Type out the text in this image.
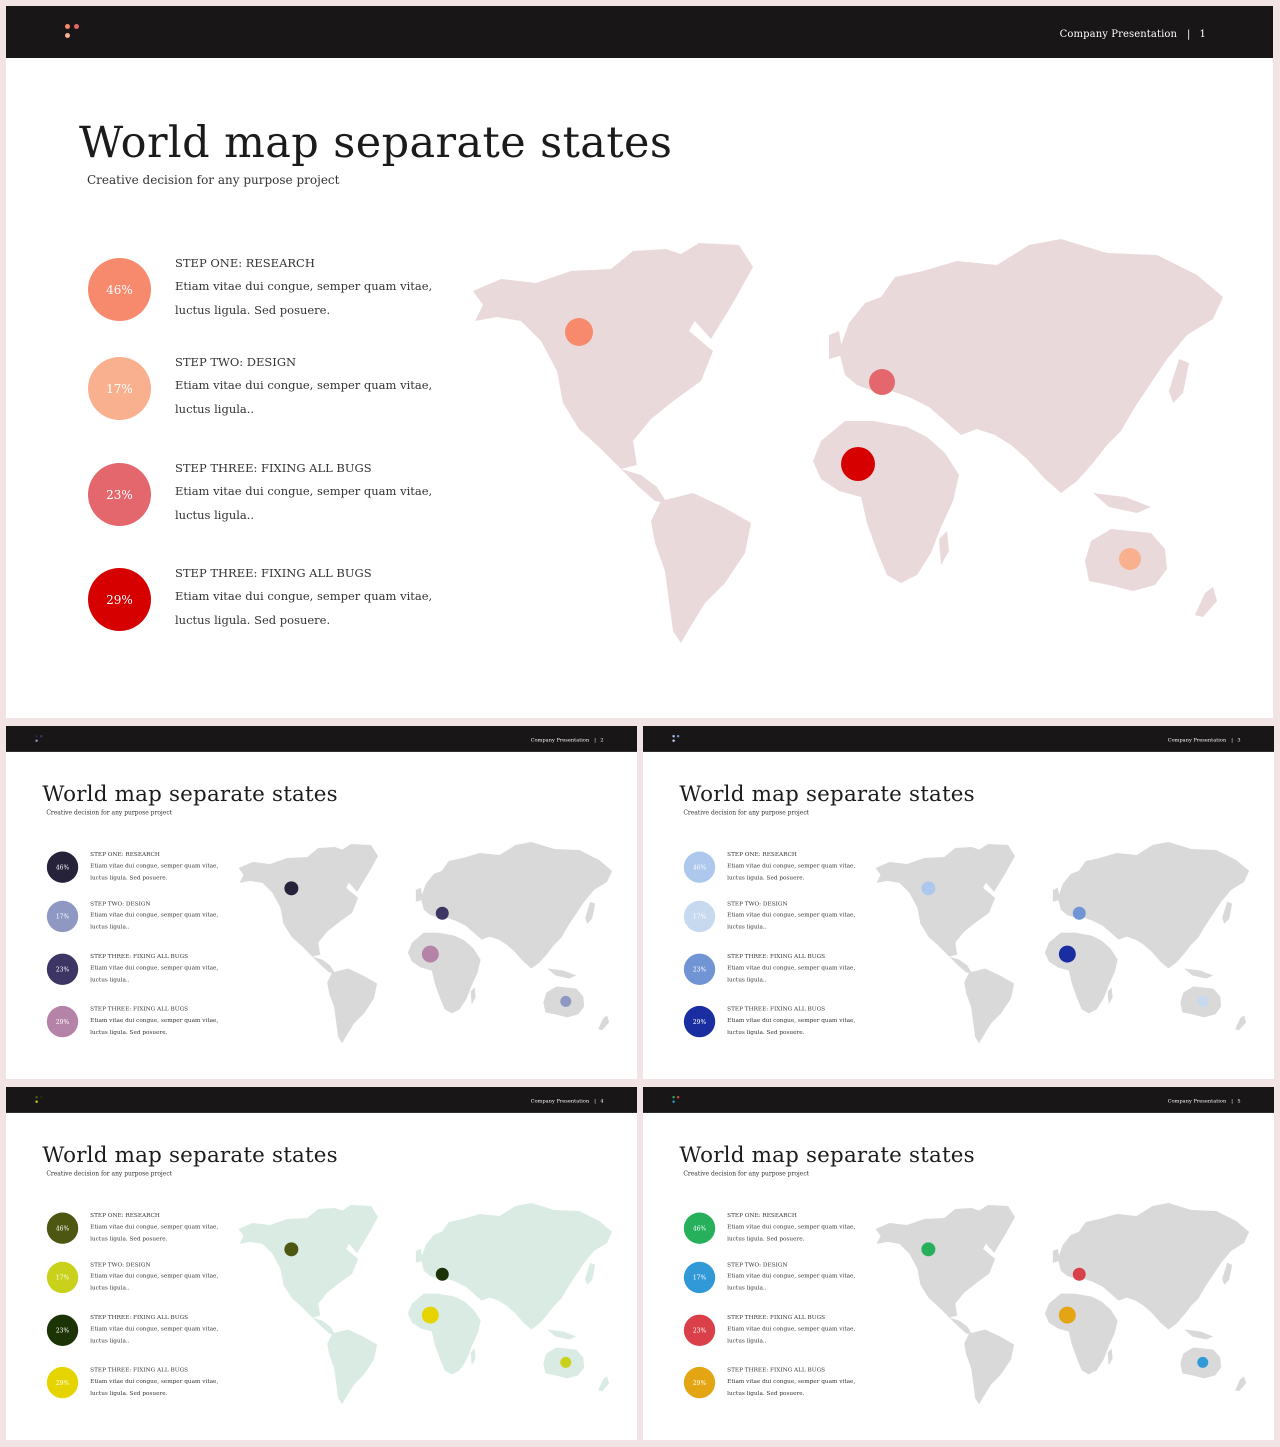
Company Presentation | 1
World map separate states
Creative decision for any purpose project
46%
STEP ONE: RESEARCH
Etiam vitae dui congue, semper quam vitae, luctus ligula. Sed posuere.
17%
STEP TWO: DESIGN
Etiam vitae dui congue, semper quam vitae, luctus ligula..
23%
STEP THREE: FIXING ALL BUGS
Etiam vitae dui congue, semper quam vitae, luctus ligula..
29%
STEP THREE: FIXING ALL BUGS
Etiam vitae dui congue, semper quam vitae, luctus ligula. Sed posuere.
Company Presentation | 2
World map separate states
Creative decision for any purpose project
46%
STEP ONE: RESEARCH
Etiam vitae dui congue, semper quam vitae, luctus ligula. Sed posuere.
17%
STEP TWO: DESIGN
Etiam vitae dui congue, semper quam vitae, luctus ligula..
23%
STEP THREE: FIXING ALL BUGS
Etiam vitae dui congue, semper quam vitae, luctus ligula..
29%
STEP THREE: FIXING ALL BUGS
Etiam vitae dui congue, semper quam vitae, luctus ligula. Sed posuere.
Company Presentation | 3
World map separate states
Creative decision for any purpose project
46%
STEP ONE: RESEARCH
Etiam vitae dui congue, semper quam vitae, luctus ligula. Sed posuere.
17%
STEP TWO: DESIGN
Etiam vitae dui congue, semper quam vitae, luctus ligula..
23%
STEP THREE: FIXING ALL BUGS
Etiam vitae dui congue, semper quam vitae, luctus ligula..
29%
STEP THREE: FIXING ALL BUGS
Etiam vitae dui congue, semper quam vitae, luctus ligula. Sed posuere.
Company Presentation | 4
World map separate states
Creative decision for any purpose project
46%
STEP ONE: RESEARCH
Etiam vitae dui congue, semper quam vitae, luctus ligula. Sed posuere.
17%
STEP TWO: DESIGN
Etiam vitae dui congue, semper quam vitae, luctus ligula..
23%
STEP THREE: FIXING ALL BUGS
Etiam vitae dui congue, semper quam vitae, luctus ligula..
29%
STEP THREE: FIXING ALL BUGS
Etiam vitae dui congue, semper quam vitae, luctus ligula. Sed posuere.
Company Presentation | 5
World map separate states
Creative decision for any purpose project
46%
STEP ONE: RESEARCH
Etiam vitae dui congue, semper quam vitae, luctus ligula. Sed posuere.
17%
STEP TWO: DESIGN
Etiam vitae dui congue, semper quam vitae, luctus ligula..
23%
STEP THREE: FIXING ALL BUGS
Etiam vitae dui congue, semper quam vitae, luctus ligula..
29%
STEP THREE: FIXING ALL BUGS
Etiam vitae dui congue, semper quam vitae, luctus ligula. Sed posuere.
